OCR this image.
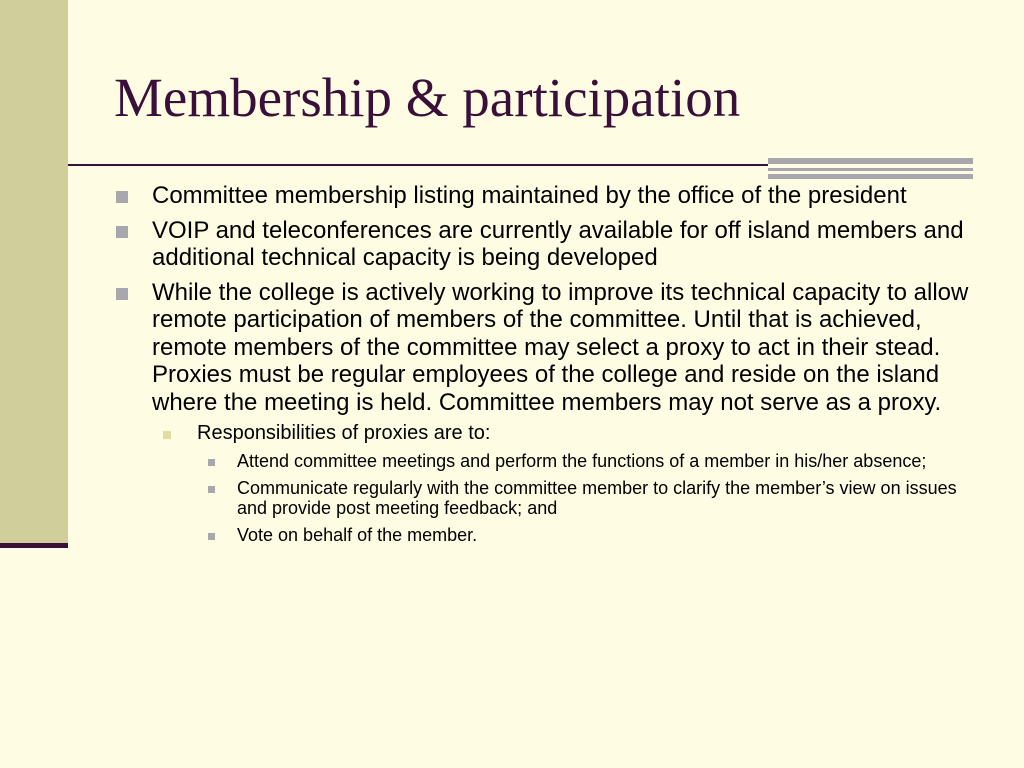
Membership & participation
Committee membership listing maintained by the office of the president
VOIP and teleconferences are currently available for off island members and additional technical capacity is being developed
While the college is actively working to improve its technical capacity to allow remote participation of members of the committee. Until that is achieved, remote members of the committee may select a proxy to act in their stead. Proxies must be regular employees of the college and reside on the island where the meeting is held. Committee members may not serve as a proxy.
Responsibilities of proxies are to:
Attend committee meetings and perform the functions of a member in his/her absence;
Communicate regularly with the committee member to clarify the member’s view on issues and provide post meeting feedback; and
Vote on behalf of the member.
